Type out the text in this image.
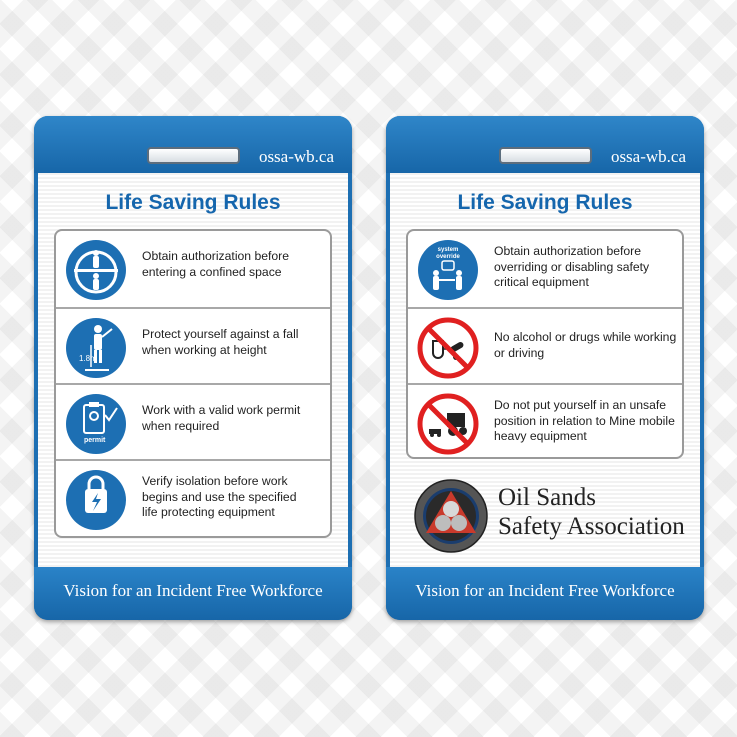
ossa-wb.ca
Life Saving Rules
Obtain authorization before
entering a confined space
1.8m
Protect yourself against a fall
when working at height
permit
Work with a valid work permit
when required
Verify isolation before work
begins and use the specified
life protecting equipment
Vision for an Incident Free Workforce
ossa-wb.ca
Life Saving Rules
system
override	Obtain authorization before
overriding or disabling safety
critical equipment
No alcohol or drugs while working
or driving
Do not put yourself in an unsafe
position in relation to Mine mobile
heavy equipment
Oil Sands
Safety Association
Vision for an Incident Free Workforce
